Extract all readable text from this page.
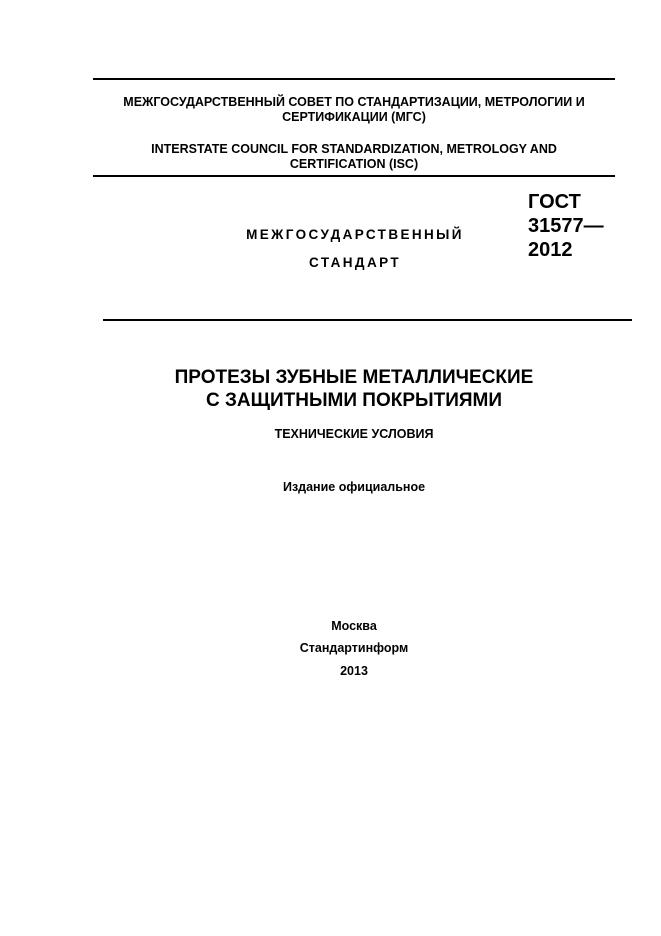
МЕЖГОСУДАРСТВЕННЫЙ СОВЕТ ПО СТАНДАРТИЗАЦИИ, МЕТРОЛОГИИ И
СЕРТИФИКАЦИИ (МГС)

INTERSTATE COUNCIL FOR STANDARDIZATION, METROLOGY AND
CERTIFICATION (ISC)

МЕЖГОСУДАРСТВЕННЫЙ
СТАНДАРТ
ГОСТ
31577—
2012
ПРОТЕЗЫ ЗУБНЫЕ МЕТАЛЛИЧЕСКИЕ
С ЗАЩИТНЫМИ ПОКРЫТИЯМИ
ТЕХНИЧЕСКИЕ УСЛОВИЯ
Издание официальное
Москва
Стандартинформ
2013
